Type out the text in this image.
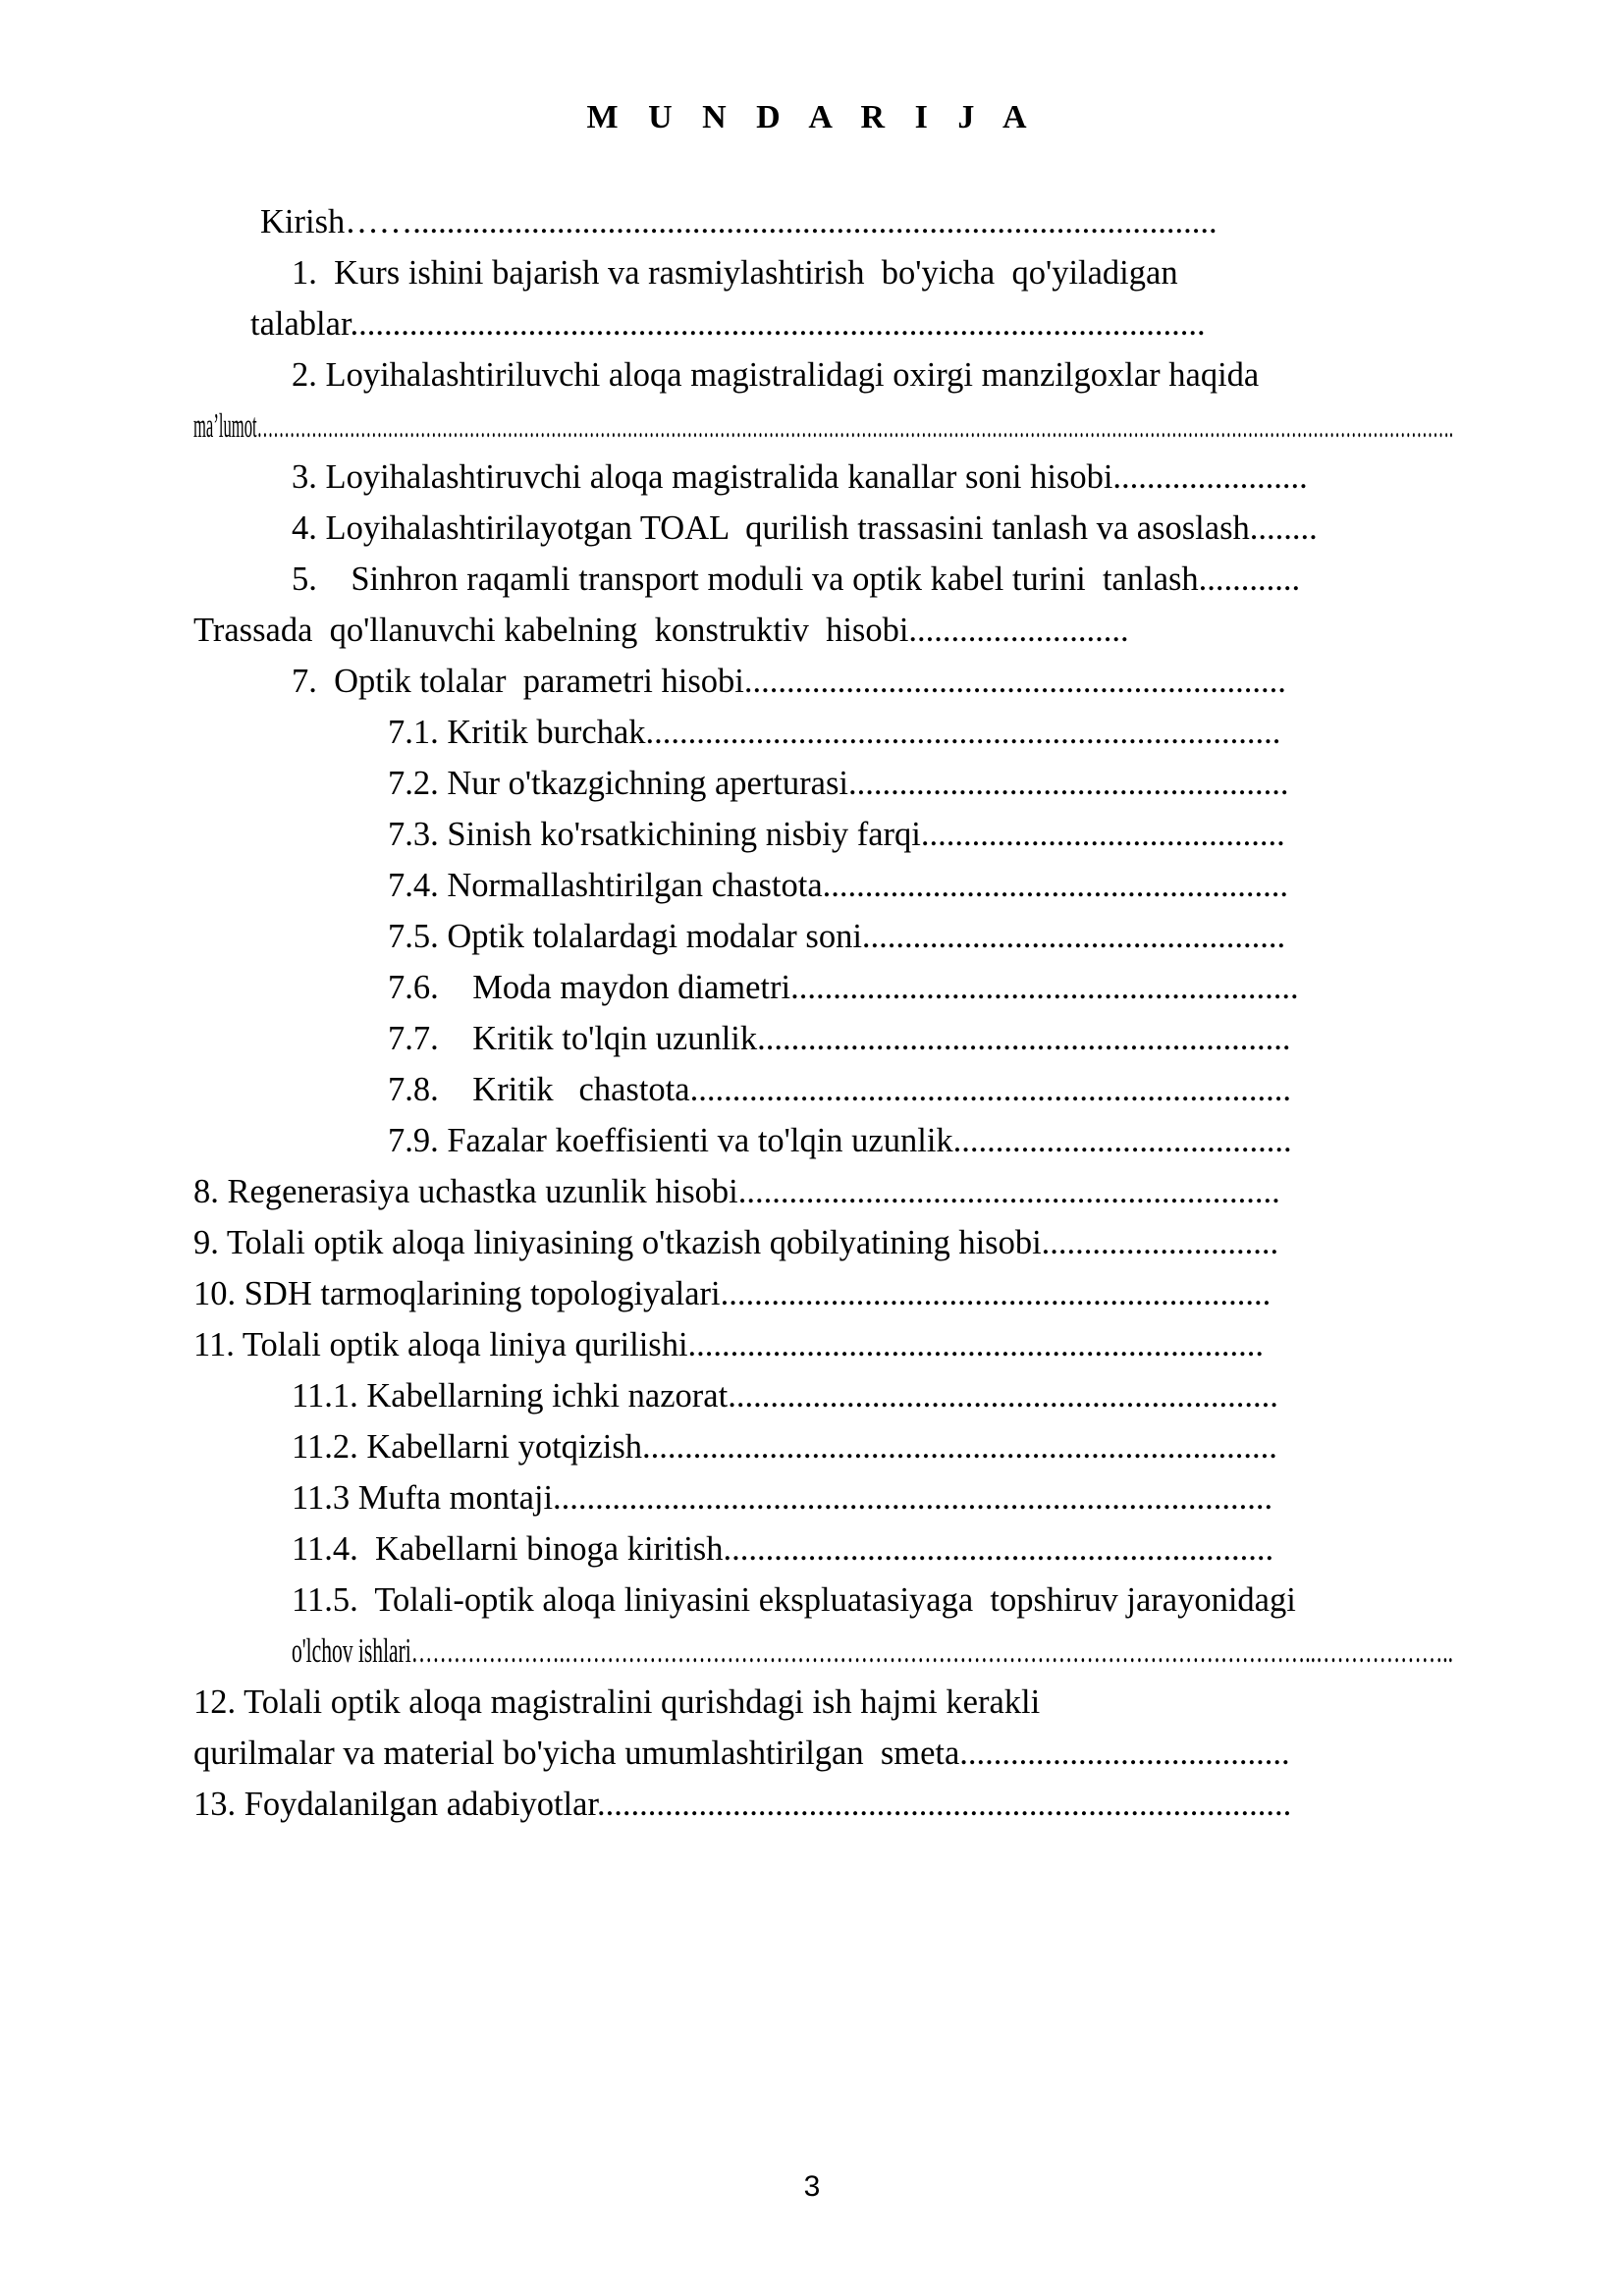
M U N D A R I J A
Kirish……...............................................................................................
1.  Kurs ishini bajarish va rasmiylashtirish  bo'yicha  qo'yiladigan
talablar.....................................................................................................
2. Loyihalashtiriluvchi aloqa magistralidagi oxirgi manzilgoxlar haqida
ma’lumot………………………………………………………………………………………………………………………………………………………………………………………………….
3. Loyihalashtiruvchi aloqa magistralida kanallar soni hisobi.......................
4. Loyihalashtirilayotgan TOAL  qurilish trassasini tanlash va asoslash........
5.    Sinhron raqamli transport moduli va optik kabel turini  tanlash............
Trassada  qo'llanuvchi kabelning  konstruktiv  hisobi..........................
7.  Optik tolalar  parametri hisobi................................................................
7.1. Kritik burchak...........................................................................
7.2. Nur o'tkazgichning aperturasi....................................................
7.3. Sinish ko'rsatkichining nisbiy farqi...........................................
7.4. Normallashtirilgan chastota.......................................................
7.5. Optik tolalardagi modalar soni..................................................
7.6.    Moda maydon diametri............................................................
7.7.    Kritik to'lqin uzunlik...............................................................
7.8.    Kritik   chastota.......................................................................
7.9. Fazalar koeffisienti va to'lqin uzunlik........................................
8. Regenerasiya uchastka uzunlik hisobi................................................................
9. Tolali optik aloqa liniyasining o'tkazish qobilyatining hisobi............................
10. SDH tarmoqlarining topologiyalari.................................................................
11. Tolali optik aloqa liniya qurilishi....................................................................
11.1. Kabellarning ichki nazorat.................................................................
11.2. Kabellarni yotqizish...........................................................................
11.3 Mufta montaji.....................................................................................
11.4.  Kabellarni binoga kiritish.................................................................
11.5.  Tolali-optik aloqa liniyasini ekspluatasiyaga  topshiruv jarayonidagi
o'lchov ishlari………………….……………………………………………………………………………………………..………………..
12. Tolali optik aloqa magistralini qurishdagi ish hajmi kerakli
qurilmalar va material bo'yicha umumlashtirilgan  smeta.......................................
13. Foydalanilgan adabiyotlar..................................................................................
3
